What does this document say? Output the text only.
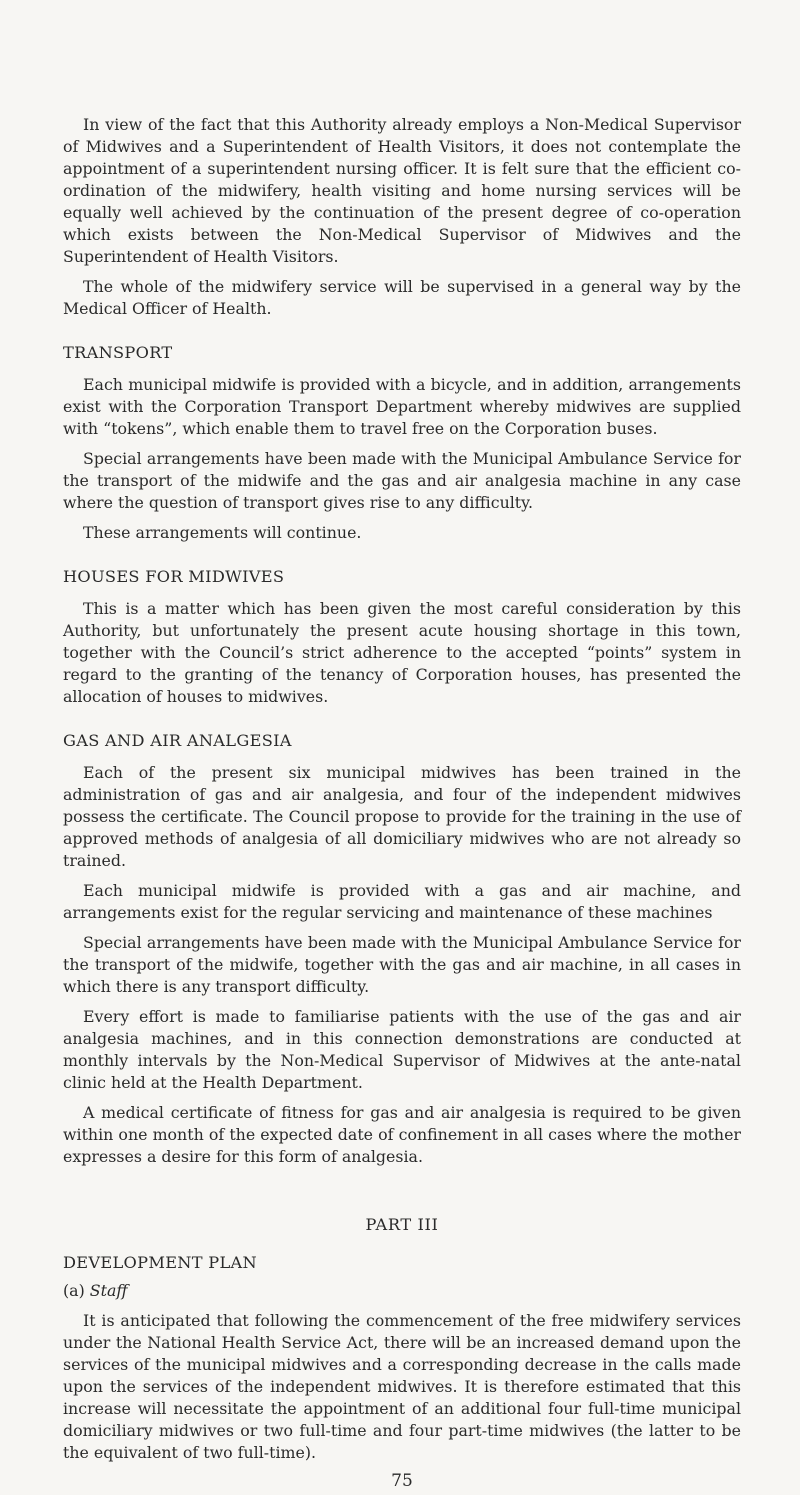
In view of the fact that this Authority already employs a Non-Medical Supervisor of Midwives and a Superintendent of Health Visitors, it does not contemplate the appointment of a superintendent nursing officer. It is felt sure that the efficient co-ordination of the midwifery, health visiting and home nursing services will be equally well achieved by the continuation of the present degree of co-operation which exists between the Non-Medical Supervisor of Midwives and the Superintendent of Health Visitors.

The whole of the midwifery service will be supervised in a general way by the Medical Officer of Health.

TRANSPORT

Each municipal midwife is provided with a bicycle, and in addition, arrangements exist with the Corporation Transport Department whereby midwives are supplied with “tokens”, which enable them to travel free on the Corporation buses.

Special arrangements have been made with the Municipal Ambulance Service for the transport of the midwife and the gas and air analgesia machine in any case where the question of transport gives rise to any difficulty.

These arrangements will continue.

HOUSES FOR MIDWIVES

This is a matter which has been given the most careful consideration by this Authority, but unfortunately the present acute housing shortage in this town, together with the Council’s strict adherence to the accepted “points” system in regard to the granting of the tenancy of Corporation houses, has presented the allocation of houses to midwives.

GAS AND AIR ANALGESIA

Each of the present six municipal midwives has been trained in the administration of gas and air analgesia, and four of the independent midwives possess the certificate. The Council propose to provide for the training in the use of approved methods of analgesia of all domiciliary midwives who are not already so trained.

Each municipal midwife is provided with a gas and air machine, and arrangements exist for the regular servicing and maintenance of these machines

Special arrangements have been made with the Municipal Ambulance Service for the transport of the midwife, together with the gas and air machine, in all cases in which there is any transport difficulty.

Every effort is made to familiarise patients with the use of the gas and air analgesia machines, and in this connection demonstrations are conducted at monthly intervals by the Non-Medical Supervisor of Midwives at the ante-natal clinic held at the Health Department.

A medical certificate of fitness for gas and air analgesia is required to be given within one month of the expected date of confinement in all cases where the mother expresses a desire for this form of analgesia.

PART III
DEVELOPMENT PLAN
(a) Staff

It is anticipated that following the commencement of the free midwifery services under the National Health Service Act, there will be an increased demand upon the services of the municipal midwives and a corresponding decrease in the calls made upon the services of the independent midwives. It is therefore estimated that this increase will necessitate the appointment of an additional four full-time municipal domiciliary midwives or two full-time and four part-time midwives (the latter to be the equivalent of two full-time).

75
